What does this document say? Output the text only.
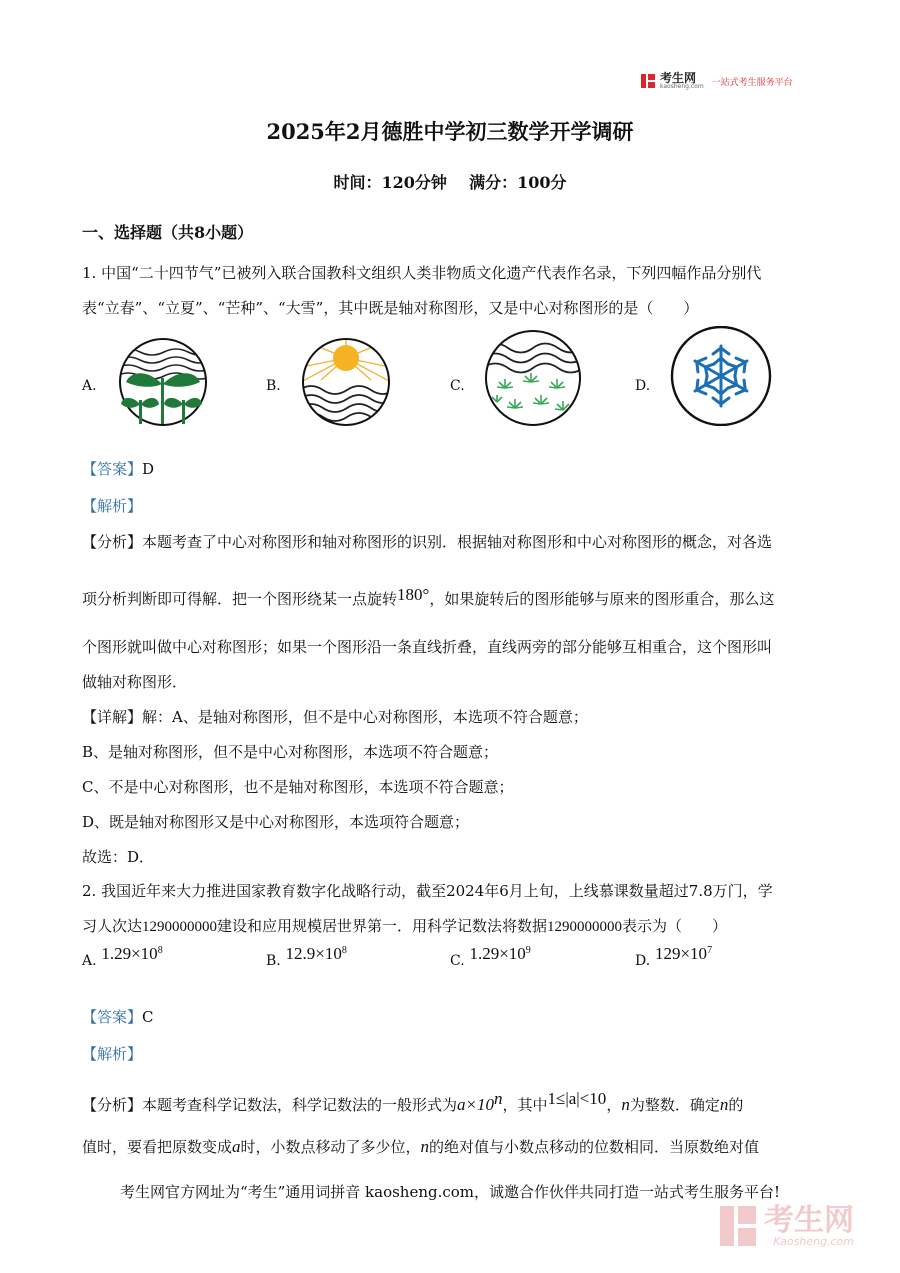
考生网
kaosheng.com 一站式考生服务平台
2025年2月德胜中学初三数学开学调研
时间：120分钟    满分：100分
一、选择题（共8小题）
1. 中国“二十四节气”已被列入联合国教科文组织人类非物质文化遗产代表作名录，下列四幅作品分别代
表“立春”、“立夏”、“芒种”、“大雪”，其中既是轴对称图形，又是中心对称图形的是（　　）
A.	B.	C.	D.
【答案】D
【解析】
【分析】本题考查了中心对称图形和轴对称图形的识别．根据轴对称图形和中心对称图形的概念，对各选
项分析判断即可得解．把一个图形绕某一点旋转180°，如果旋转后的图形能够与原来的图形重合，那么这
个图形就叫做中心对称图形；如果一个图形沿一条直线折叠，直线两旁的部分能够互相重合，这个图形叫
做轴对称图形．
【详解】解：A、是轴对称图形，但不是中心对称图形，本选项不符合题意；
B、是轴对称图形，但不是中心对称图形，本选项不符合题意；
C、不是中心对称图形，也不是轴对称图形，本选项不符合题意；
D、既是轴对称图形又是中心对称图形，本选项符合题意；
故选：D．
2. 我国近年来大力推进国家教育数字化战略行动，截至2024年6月上旬，上线慕课数量超过7.8万门，学
习人次达1290000000建设和应用规模居世界第一．用科学记数法将数据1290000000表示为（　　）
A. $1.29\times 10^8$
B. $12.9\times 10^8$
C. $1.29\times 10^9$
D. $129\times 10^7$
【答案】C
【解析】
【分析】本题考查科学记数法，科学记数法的一般形式为$a\times 10^n$，其中1≤|a|<10，n为整数．确定n的
值时，要看把原数变成a时，小数点移动了多少位，n的绝对值与小数点移动的位数相同．当原数绝对值
考生网官方网址为“考生”通用词拼音 kaosheng.com，诚邀合作伙伴共同打造一站式考生服务平台!
考生网
Kaosheng.com
